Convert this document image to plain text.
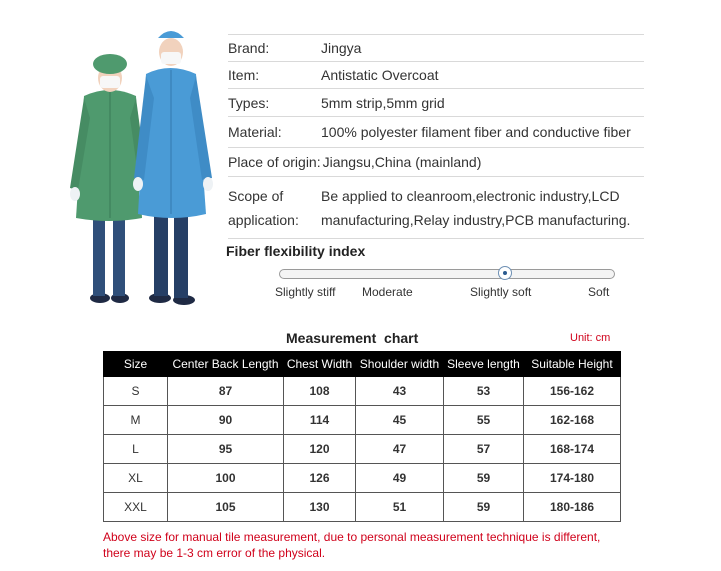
Brand:	Jingya
Item:	Antistatic Overcoat
Types:	5mm strip,5mm grid
Material:	100% polyester filament fiber and conductive fiber
Place of origin: Jiangsu,China (mainland)
Scope of application:
Be applied to cleanroom,electronic industry,LCD manufacturing,Relay industry,PCB manufacturing.
Fiber flexibility index
Slightly stiff Moderate	Slightly soft	Soft
Measurement  chart	Unit: cm
Size	Center Back Length	Chest Width	Shoulder width	Sleeve length	Suitable Height
S	87	108	43	53	156-162
M	90	114	45	55	162-168
L	95	120	47	57	168-174
XL	100	126	49	59	174-180
XXL	105	130	51	59	180-186
Above size for manual tile measurement, due to personal measurement technique is different,
there may be 1-3 cm error of the physical.
